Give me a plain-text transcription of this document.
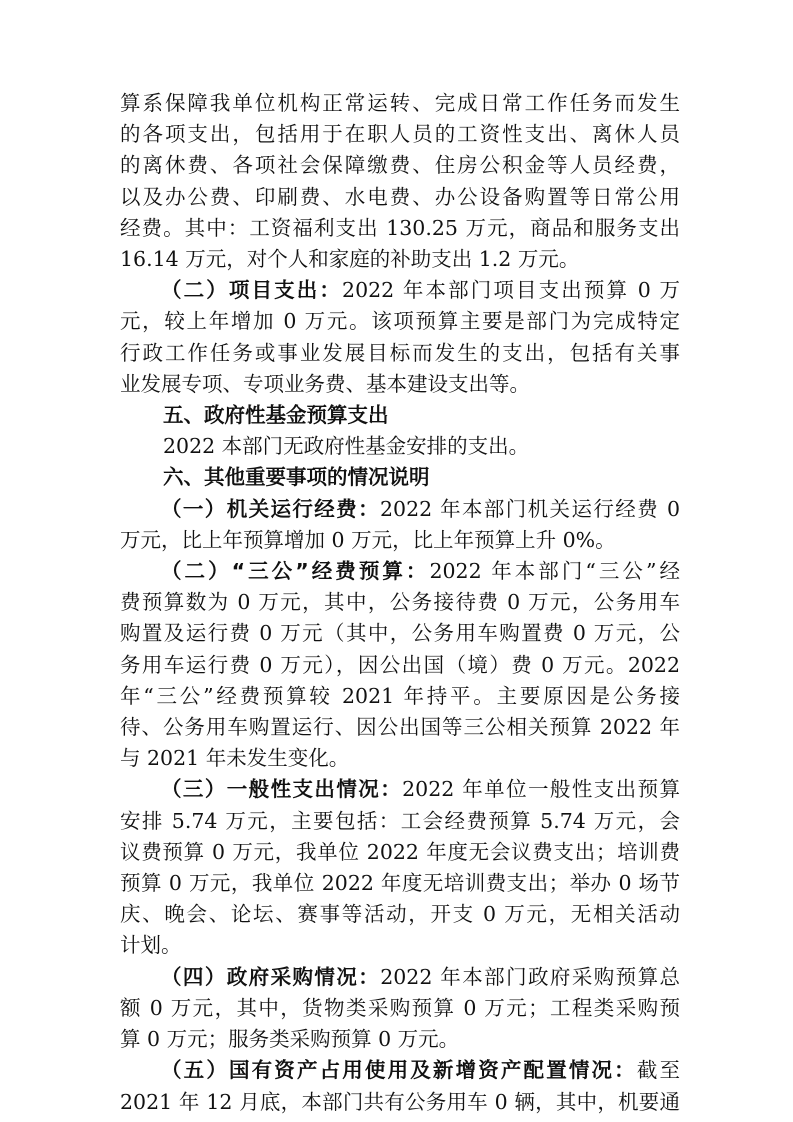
算系保障我单位机构正常运转、完成日常工作任务而发生

的各项支出，包括用于在职人员的工资性支出、离休人员

的离休费、各项社会保障缴费、住房公积金等人员经费，

以及办公费、印刷费、水电费、办公设备购置等日常公用

经费。其中：工资福利支出 130.25 万元，商品和服务支出

16.14 万元，对个人和家庭的补助支出 1.2 万元。

（二）项目支出：2022 年本部门项目支出预算 0 万

元，较上年增加 0 万元。该项预算主要是部门为完成特定

行政工作任务或事业发展目标而发生的支出，包括有关事

业发展专项、专项业务费、基本建设支出等。

五、政府性基金预算支出

2022 本部门无政府性基金安排的支出。

六、其他重要事项的情况说明

（一）机关运行经费：2022 年本部门机关运行经费 0

万元，比上年预算增加 0 万元，比上年预算上升 0%。

（二）“三公”经费预算：2022 年本部门“三公”经

费预算数为 0 万元，其中，公务接待费 0 万元，公务用车

购置及运行费 0 万元（其中，公务用车购置费 0 万元，公

务用车运行费 0 万元），因公出国（境）费 0 万元。2022

年“三公”经费预算较 2021 年持平。主要原因是公务接

待、公务用车购置运行、因公出国等三公相关预算 2022 年

与 2021 年未发生变化。

（三）一般性支出情况：2022 年单位一般性支出预算

安排 5.74 万元，主要包括：工会经费预算 5.74 万元，会

议费预算 0 万元，我单位 2022 年度无会议费支出；培训费

预算 0 万元，我单位 2022 年度无培训费支出；举办 0 场节

庆、晚会、论坛、赛事等活动，开支 0 万元，无相关活动

计划。

（四）政府采购情况：2022 年本部门政府采购预算总

额 0 万元，其中，货物类采购预算 0 万元；工程类采购预

算 0 万元；服务类采购预算 0 万元。

（五）国有资产占用使用及新增资产配置情况：截至

2021 年 12 月底，本部门共有公务用车 0 辆，其中，机要通
